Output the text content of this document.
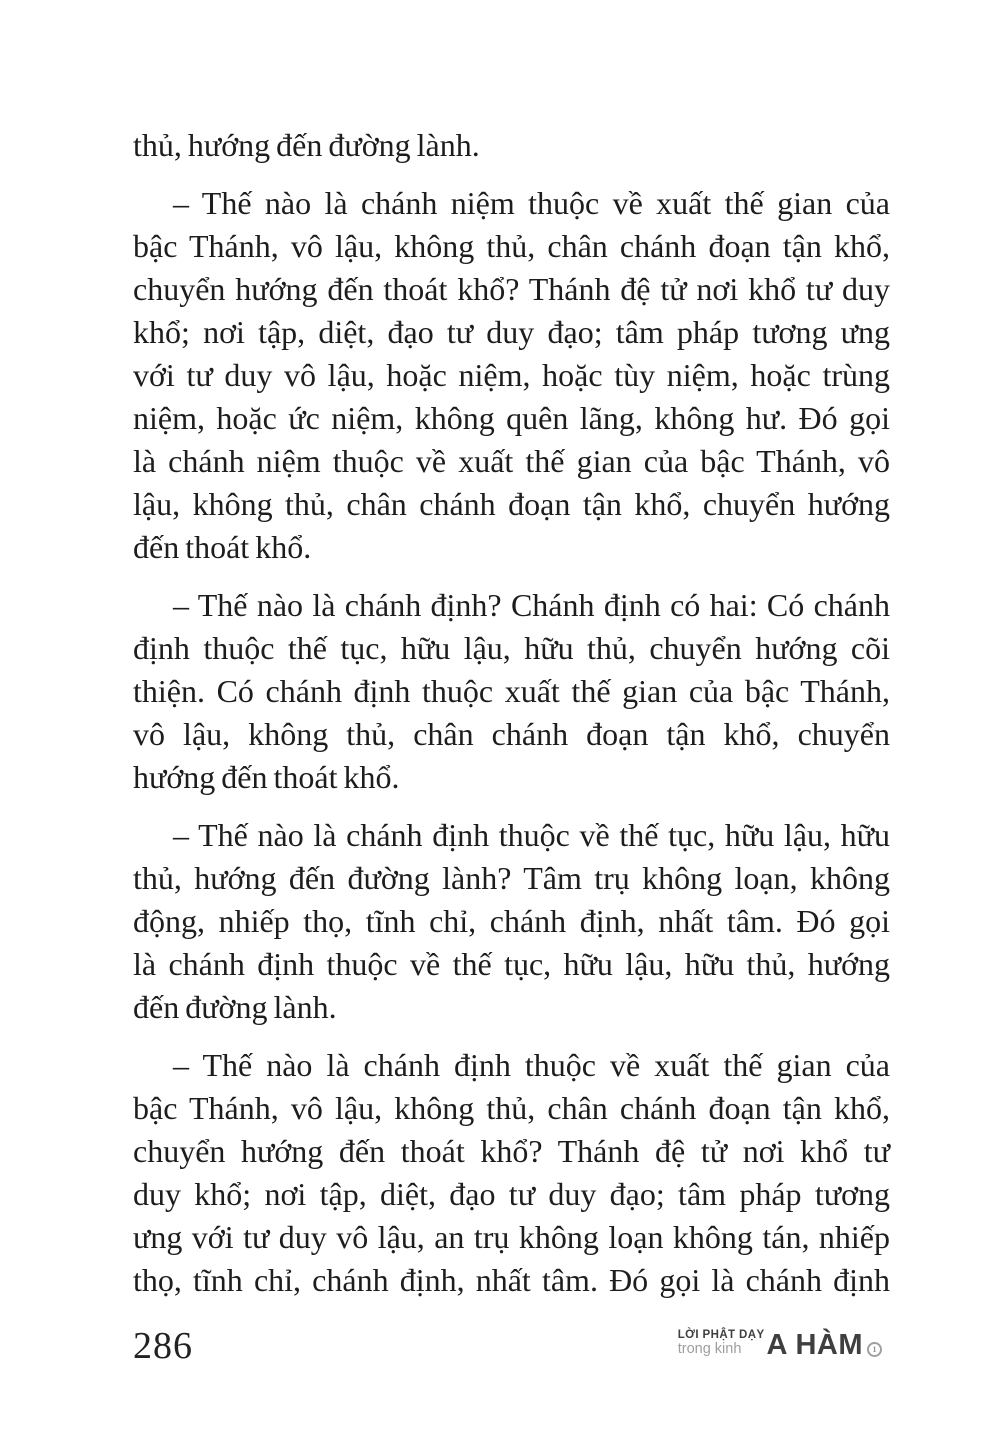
thủ, hướng đến đường lành.
– Thế nào là chánh niệm thuộc về xuất thế gian của
bậc Thánh, vô lậu, không thủ, chân chánh đoạn tận khổ,
chuyển hướng đến thoát khổ? Thánh đệ tử nơi khổ tư duy
khổ; nơi tập, diệt, đạo tư duy đạo; tâm pháp tương ưng
với tư duy vô lậu, hoặc niệm, hoặc tùy niệm, hoặc trùng
niệm, hoặc ức niệm, không quên lãng, không hư. Đó gọi
là chánh niệm thuộc về xuất thế gian của bậc Thánh, vô
lậu, không thủ, chân chánh đoạn tận khổ, chuyển hướng
đến thoát khổ.
– Thế nào là chánh định? Chánh định có hai: Có chánh
định thuộc thế tục, hữu lậu, hữu thủ, chuyển hướng cõi
thiện. Có chánh định thuộc xuất thế gian của bậc Thánh,
vô lậu, không thủ, chân chánh đoạn tận khổ, chuyển
hướng đến thoát khổ.
– Thế nào là chánh định thuộc về thế tục, hữu lậu, hữu
thủ, hướng đến đường lành? Tâm trụ không loạn, không
động, nhiếp thọ, tĩnh chỉ, chánh định, nhất tâm. Đó gọi
là chánh định thuộc về thế tục, hữu lậu, hữu thủ, hướng
đến đường lành.
– Thế nào là chánh định thuộc về xuất thế gian của
bậc Thánh, vô lậu, không thủ, chân chánh đoạn tận khổ,
chuyển hướng đến thoát khổ? Thánh đệ tử nơi khổ tư
duy khổ; nơi tập, diệt, đạo tư duy đạo; tâm pháp tương
ưng với tư duy vô lậu, an trụ không loạn không tán, nhiếp
thọ, tĩnh chỉ, chánh định, nhất tâm. Đó gọi là chánh định
286	LỜI PHẬT DẠY
trong kinh A HÀM	1
